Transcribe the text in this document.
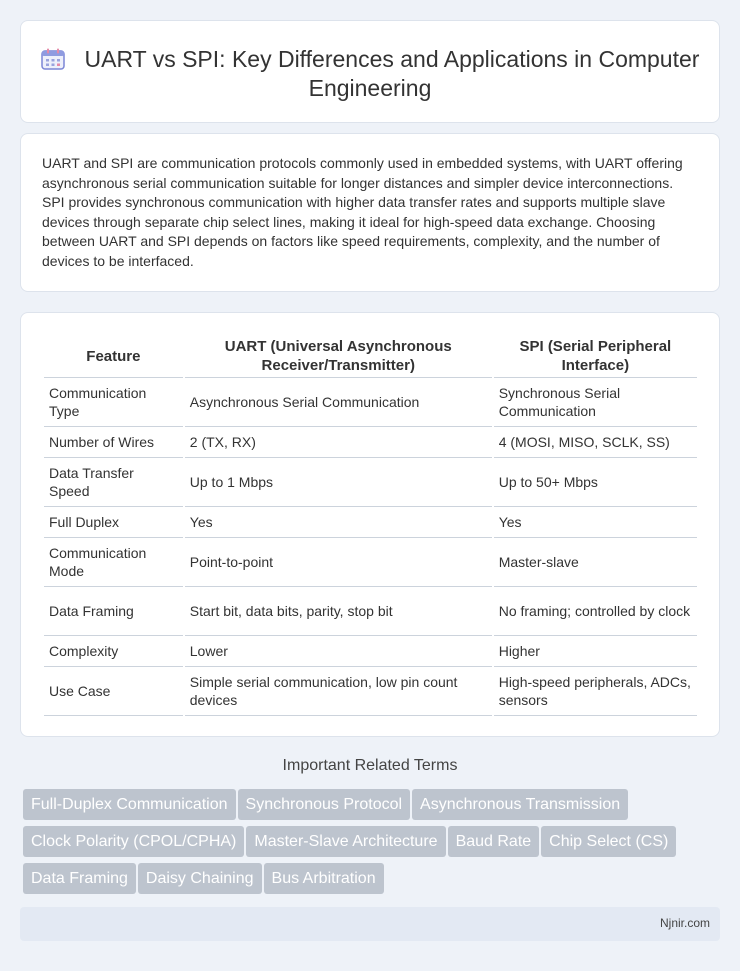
UART vs SPI: Key Differences and Applications in Computer Engineering

UART and SPI are communication protocols commonly used in embedded systems, with UART offering asynchronous serial communication suitable for longer distances and simpler device interconnections. SPI provides synchronous communication with higher data transfer rates and supports multiple slave devices through separate chip select lines, making it ideal for high-speed data exchange. Choosing between UART and SPI depends on factors like speed requirements, complexity, and the number of devices to be interfaced.

Feature	UART (Universal Asynchronous Receiver/Transmitter)	SPI (Serial Peripheral Interface)
Communication Type	Asynchronous Serial Communication	Synchronous Serial Communication
Number of Wires	2 (TX, RX)	4 (MOSI, MISO, SCLK, SS)
Data Transfer Speed	Up to 1 Mbps	Up to 50+ Mbps
Full Duplex	Yes	Yes
Communication Mode	Point-to-point	Master-slave
Data Framing	Start bit, data bits, parity, stop bit	No framing; controlled by clock
Complexity	Lower	Higher
Use Case	Simple serial communication, low pin count devices	High-speed peripherals, ADCs, sensors
Important Related Terms
Full-Duplex Communication Synchronous Protocol Asynchronous Transmission
Clock Polarity (CPOL/CPHA) Master-Slave Architecture Baud Rate Chip Select (CS)
Data Framing Daisy Chaining Bus Arbitration
Njnir.com
